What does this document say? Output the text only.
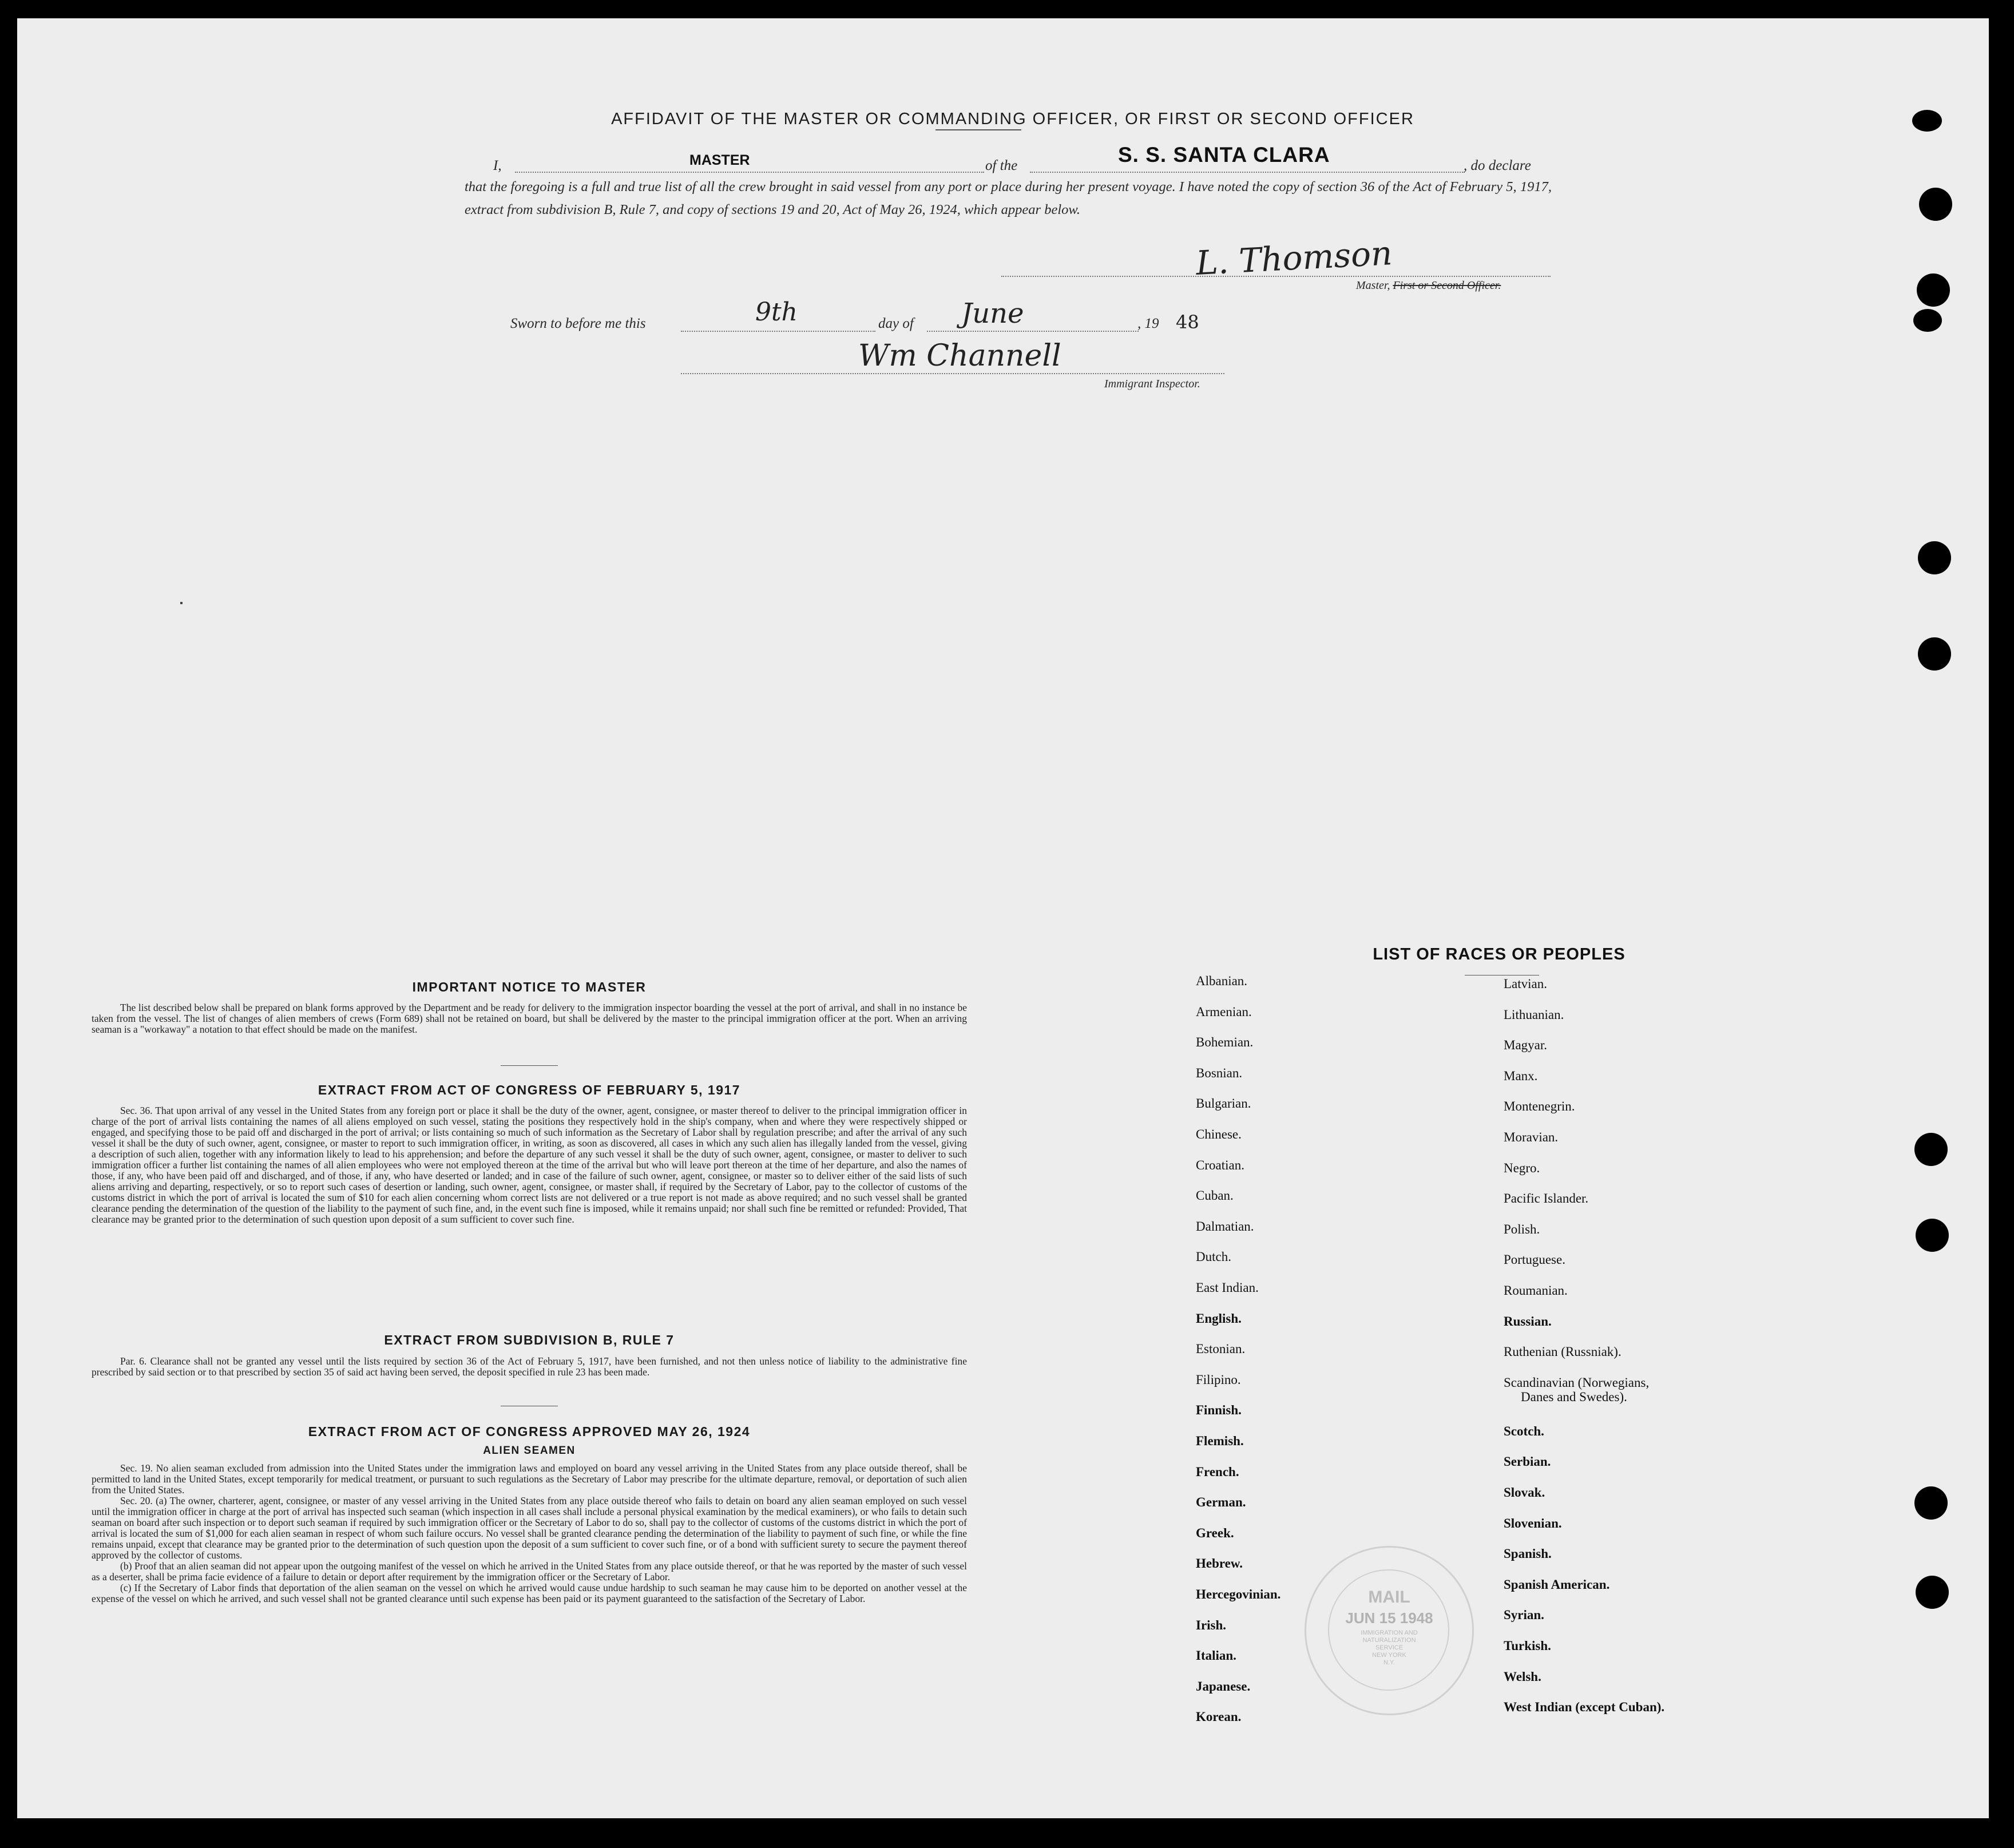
AFFIDAVIT OF THE MASTER OR COMMANDING OFFICER, OR FIRST OR SECOND OFFICER
I,	MASTER	of the	S. S. SANTA CLARA	, do declare
that the foregoing is a full and true list of all the crew brought in said vessel from any port or place during her present voyage. I have noted the copy of section 36 of the Act of February 5, 1917, extract from subdivision B, Rule 7, and copy of sections 19 and 20, Act of May 26, 1924, which appear below.
L. Thomson
Master, First or Second Officer.
Sworn to before me this	9th	day of June	, 19 48
Wm Channell
Immigrant Inspector.
IMPORTANT NOTICE TO MASTER

The list described below shall be prepared on blank forms approved by the Department and be ready for delivery to the immigration inspector boarding the vessel at the port of arrival, and shall in no instance be taken from the vessel. The list of changes of alien members of crews (Form 689) shall not be retained on board, but shall be delivered by the master to the principal immigration officer at the port. When an arriving seaman is a "workaway" a notation to that effect should be made on the manifest.

EXTRACT FROM ACT OF CONGRESS OF FEBRUARY 5, 1917

Sec. 36. That upon arrival of any vessel in the United States from any foreign port or place it shall be the duty of the owner, agent, consignee, or master thereof to deliver to the principal immigration officer in charge of the port of arrival lists containing the names of all aliens employed on such vessel, stating the positions they respectively hold in the ship's company, when and where they were respectively shipped or engaged, and specifying those to be paid off and discharged in the port of arrival; or lists containing so much of such information as the Secretary of Labor shall by regulation prescribe; and after the arrival of any such vessel it shall be the duty of such owner, agent, consignee, or master to report to such immigration officer, in writing, as soon as discovered, all cases in which any such alien has illegally landed from the vessel, giving a description of such alien, together with any information likely to lead to his apprehension; and before the departure of any such vessel it shall be the duty of such owner, agent, consignee, or master to deliver to such immigration officer a further list containing the names of all alien employees who were not employed thereon at the time of the arrival but who will leave port thereon at the time of her departure, and also the names of those, if any, who have been paid off and discharged, and of those, if any, who have deserted or landed; and in case of the failure of such owner, agent, consignee, or master so to deliver either of the said lists of such aliens arriving and departing, respectively, or so to report such cases of desertion or landing, such owner, agent, consignee, or master shall, if required by the Secretary of Labor, pay to the collector of customs of the customs district in which the port of arrival is located the sum of $10 for each alien concerning whom correct lists are not delivered or a true report is not made as above required; and no such vessel shall be granted clearance pending the determination of the question of the liability to the payment of such fine, and, in the event such fine is imposed, while it remains unpaid; nor shall such fine be remitted or refunded: Provided, That clearance may be granted prior to the determination of such question upon deposit of a sum sufficient to cover such fine.

EXTRACT FROM SUBDIVISION B, RULE 7

Par. 6. Clearance shall not be granted any vessel until the lists required by section 36 of the Act of February 5, 1917, have been furnished, and not then unless notice of liability to the administrative fine prescribed by said section or to that prescribed by section 35 of said act having been served, the deposit specified in rule 23 has been made.

EXTRACT FROM ACT OF CONGRESS APPROVED MAY 26, 1924
ALIEN SEAMEN

Sec. 19. No alien seaman excluded from admission into the United States under the immigration laws and employed on board any vessel arriving in the United States from any place outside thereof, shall be permitted to land in the United States, except temporarily for medical treatment, or pursuant to such regulations as the Secretary of Labor may prescribe for the ultimate departure, removal, or deportation of such alien from the United States.

Sec. 20. (a) The owner, charterer, agent, consignee, or master of any vessel arriving in the United States from any place outside thereof who fails to detain on board any alien seaman employed on such vessel until the immigration officer in charge at the port of arrival has inspected such seaman (which inspection in all cases shall include a personal physical examination by the medical examiners), or who fails to detain such seaman on board after such inspection or to deport such seaman if required by such immigration officer or the Secretary of Labor to do so, shall pay to the collector of customs of the customs district in which the port of arrival is located the sum of $1,000 for each alien seaman in respect of whom such failure occurs. No vessel shall be granted clearance pending the determination of the liability to payment of such fine, or while the fine remains unpaid, except that clearance may be granted prior to the determination of such question upon the deposit of a sum sufficient to cover such fine, or of a bond with sufficient surety to secure the payment thereof approved by the collector of customs.

(b) Proof that an alien seaman did not appear upon the outgoing manifest of the vessel on which he arrived in the United States from any place outside thereof, or that he was reported by the master of such vessel as a deserter, shall be prima facie evidence of a failure to detain or deport after requirement by the immigration officer or the Secretary of Labor.

(c) If the Secretary of Labor finds that deportation of the alien seaman on the vessel on which he arrived would cause undue hardship to such seaman he may cause him to be deported on another vessel at the expense of the vessel on which he arrived, and such vessel shall not be granted clearance until such expense has been paid or its payment guaranteed to the satisfaction of the Secretary of Labor.

LIST OF RACES OR PEOPLES
Albanian.
Armenian.
Bohemian.
Bosnian.
Bulgarian.
Chinese.
Croatian.
Cuban.
Dalmatian.
Dutch.
East Indian.
English.
Estonian.
Filipino.
Finnish.
Flemish.
French.
German.
Greek.
Hebrew.
Hercegovinian.
Irish.
Italian.
Japanese.
Korean.
Latvian.
Lithuanian.
Magyar.
Manx.
Montenegrin.
Moravian.
Negro.
Pacific Islander.
Polish.
Portuguese.
Roumanian.
Russian.
Ruthenian (Russniak).
Scandinavian (Norwegians,
Danes and Swedes).
Scotch.
Serbian.
Slovak.
Slovenian.
Spanish.
Spanish American.
Syrian.
Turkish.
Welsh.
West Indian (except Cuban).
MAIL
JUN 15 1948
IMMIGRATION AND
NATURALIZATION
SERVICE
NEW YORK
N.Y.
